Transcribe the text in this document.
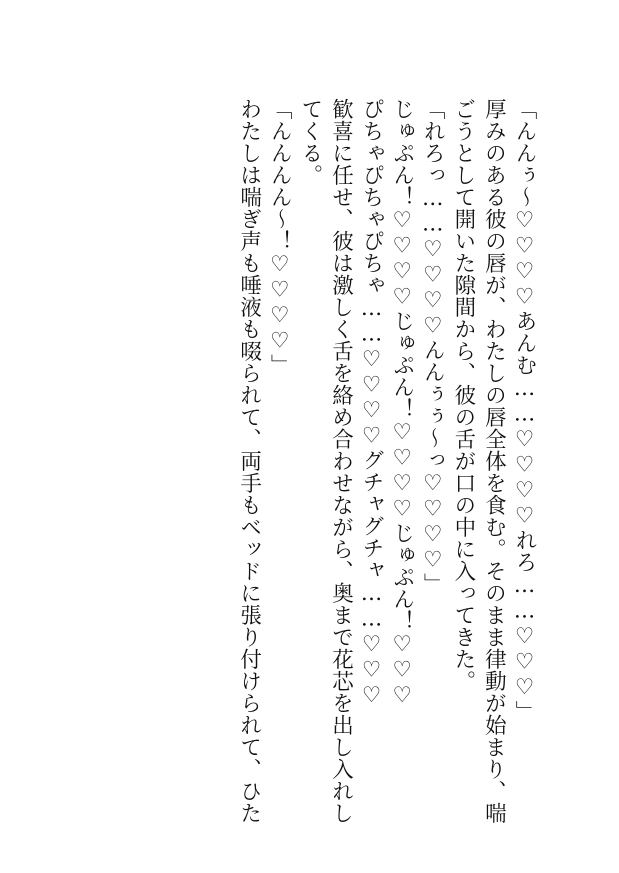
「んんぅ～♡♡♡♡あんむ……♡♡♡♡れろ……♡♡♡」

厚みのある彼の唇が、わたしの唇全体を食む。そのまま律動が始まり、喘

ごうとして開いた隙間から、彼の舌が口の中に入ってきた。

「れろっ……♡♡♡♡んんぅぅ～っ♡♡♡♡」

じゅぷん！♡♡♡♡じゅぷん！♡♡♡♡じゅぷん！♡♡♡

ぴちゃぴちゃぴちゃ……♡♡♡♡グチャグチャ……♡♡♡

歓喜に任せ、彼は激しく舌を絡め合わせながら、奥まで花芯を出し入れし

てくる。

「んんんん～！♡♡♡♡」

わたしは喘ぎ声も唾液も啜られて、両手もベッドに張り付けられて、ひた
